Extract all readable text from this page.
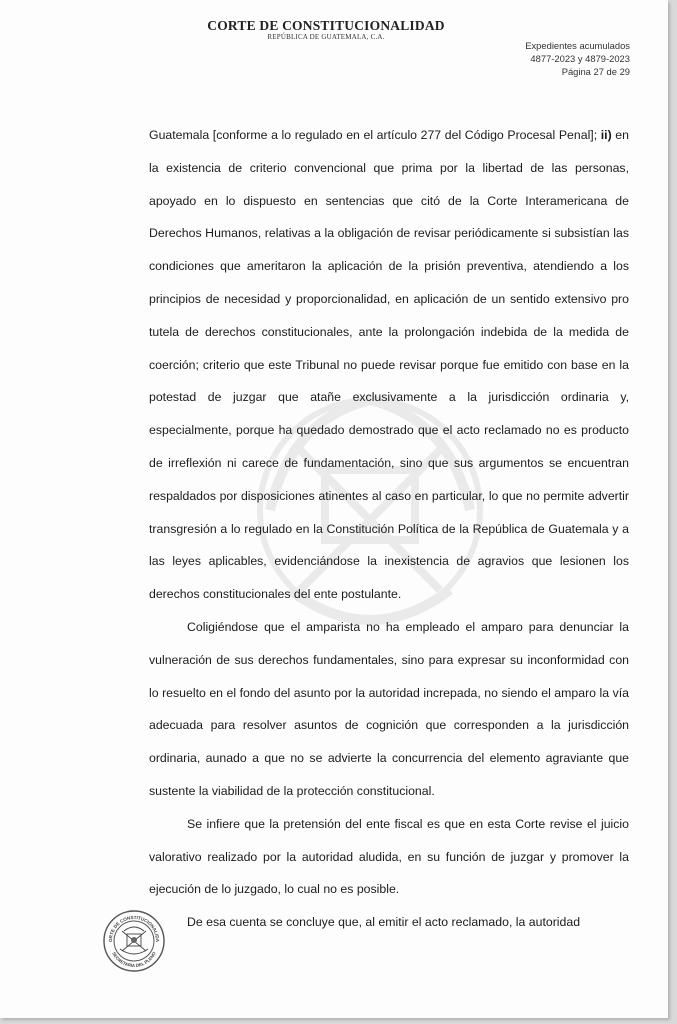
CORTE DE CONSTITUCIONALIDAD
REPÚBLICA DE GUATEMALA, C.A.
Expedientes acumulados
4877-2023 y 4879-2023
Página 27 de 29

Guatemala [conforme a lo regulado en el artículo 277 del Código Procesal Penal]; ii) en la existencia de criterio convencional que prima por la libertad de las personas, apoyado en lo dispuesto en sentencias que citó de la Corte Interamericana de Derechos Humanos, relativas a la obligación de revisar periódicamente si subsistían las condiciones que ameritaron la aplicación de la prisión preventiva, atendiendo a los principios de necesidad y proporcionalidad, en aplicación de un sentido extensivo pro tutela de derechos constitucionales, ante la prolongación indebida de la medida de coerción; criterio que este Tribunal no puede revisar porque fue emitido con base en la potestad de juzgar que atañe exclusivamente a la jurisdicción ordinaria y, especialmente, porque ha quedado demostrado que el acto reclamado no es producto de irreflexión ni carece de fundamentación, sino que sus argumentos se encuentran respaldados por disposiciones atinentes al caso en particular, lo que no permite advertir transgresión a lo regulado en la Constitución Política de la República de Guatemala y a las leyes aplicables, evidenciándose la inexistencia de agravios que lesionen los derechos constitucionales del ente postulante.

Coligiéndose que el amparista no ha empleado el amparo para denunciar la vulneración de sus derechos fundamentales, sino para expresar su inconformidad con lo resuelto en el fondo del asunto por la autoridad increpada, no siendo el amparo la vía adecuada para resolver asuntos de cognición que corresponden a la jurisdicción ordinaria, aunado a que no se advierte la concurrencia del elemento agraviante que sustente la viabilidad de la protección constitucional.

Se infiere que la pretensión del ente fiscal es que en esta Corte revise el juicio valorativo realizado por la autoridad aludida, en su función de juzgar y promover la ejecución de lo juzgado, lo cual no es posible.

De esa cuenta se concluye que, al emitir el acto reclamado, la autoridad

ORTE DE CONSTITUCIONALIDA
SECRETARIA DEL PLENO
